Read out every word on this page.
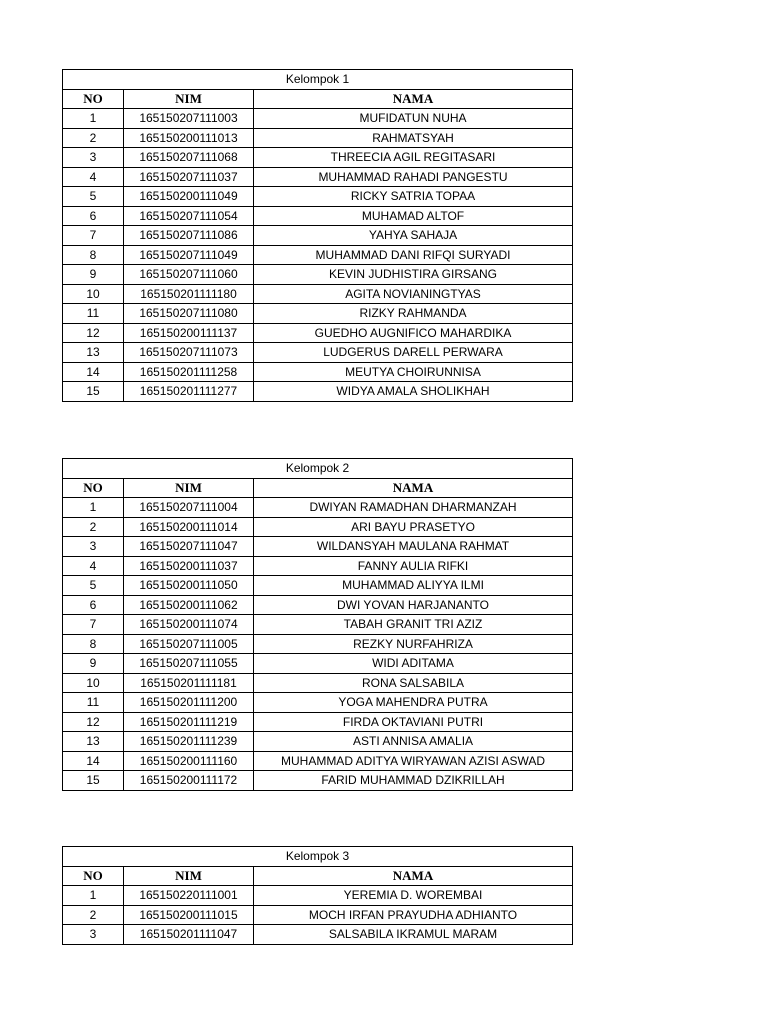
Kelompok 1		
NO	NIM	NAMA
1	165150207111003	MUFIDATUN NUHA
2	165150200111013	RAHMATSYAH
3	165150207111068	THREECIA AGIL REGITASARI
4	165150207111037	MUHAMMAD RAHADI PANGESTU
5	165150200111049	RICKY SATRIA TOPAA
6	165150207111054	MUHAMAD ALTOF
7	165150207111086	YAHYA SAHAJA
8	165150207111049	MUHAMMAD DANI RIFQI SURYADI
9	165150207111060	KEVIN JUDHISTIRA GIRSANG
10	165150201111180	AGITA NOVIANINGTYAS
11	165150207111080	RIZKY RAHMANDA
12	165150200111137	GUEDHO AUGNIFICO MAHARDIKA
13	165150207111073	LUDGERUS DARELL PERWARA
14	165150201111258	MEUTYA CHOIRUNNISA
15	165150201111277	WIDYA AMALA SHOLIKHAH
Kelompok 2		
NO	NIM	NAMA
1	165150207111004	DWIYAN RAMADHAN DHARMANZAH
2	165150200111014	ARI BAYU PRASETYO
3	165150207111047	WILDANSYAH MAULANA RAHMAT
4	165150200111037	FANNY AULIA RIFKI
5	165150200111050	MUHAMMAD ALIYYA ILMI
6	165150200111062	DWI YOVAN HARJANANTO
7	165150200111074	TABAH GRANIT TRI AZIZ
8	165150207111005	REZKY NURFAHRIZA
9	165150207111055	WIDI ADITAMA
10	165150201111181	RONA SALSABILA
11	165150201111200	YOGA MAHENDRA PUTRA
12	165150201111219	FIRDA OKTAVIANI PUTRI
13	165150201111239	ASTI ANNISA AMALIA
14	165150200111160	MUHAMMAD ADITYA WIRYAWAN AZISI ASWAD
15	165150200111172	FARID MUHAMMAD DZIKRILLAH
Kelompok 3		
NO	NIM	NAMA
1	165150220111001	YEREMIA D. WOREMBAI
2	165150200111015	MOCH IRFAN PRAYUDHA ADHIANTO
3	165150201111047	SALSABILA IKRAMUL MARAM
